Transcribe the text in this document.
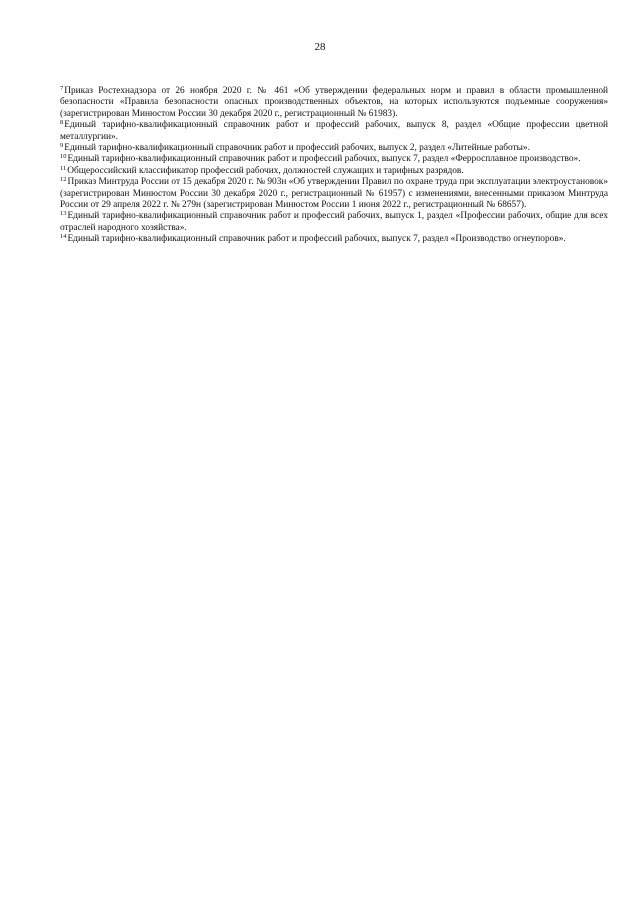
28

$^7$Приказ Ростехнадзора от 26 ноября 2020 г. № 461 «Об утверждении федеральных норм и правил в области промышленной безопасности «Правила безопасности опасных производственных объектов, на которых используются подъемные сооружения» (зарегистрирован Минюстом России 30 декабря 2020 г., регистрационный № 61983).

$^8$Единый тарифно-квалификационный справочник работ и профессий рабочих, выпуск 8, раздел «Общие профессии цветной металлургии».

$^9$Единый тарифно-квалификационный справочник работ и профессий рабочих, выпуск 2, раздел «Литейные работы».

$^{10}$Единый тарифно-квалификационный справочник работ и профессий рабочих, выпуск 7, раздел «Ферросплавное производство».

$^{11}$Общероссийский классификатор профессий рабочих, должностей служащих и тарифных разрядов.

$^{12}$Приказ Минтруда России от 15 декабря 2020 г. № 903н «Об утверждении Правил по охране труда при эксплуатации электроустановок» (зарегистрирован Минюстом России 30 декабря 2020 г., регистрационный № 61957) с изменениями, внесенными приказом Минтруда России от 29 апреля 2022 г. № 279н (зарегистрирован Минюстом России 1 июня 2022 г., регистрационный № 68657).

$^{13}$Единый тарифно-квалификационный справочник работ и профессий рабочих, выпуск 1, раздел «Профессии рабочих, общие для всех отраслей народного хозяйства».

$^{14}$Единый тарифно-квалификационный справочник работ и профессий рабочих, выпуск 7, раздел «Производство огнеупоров».
